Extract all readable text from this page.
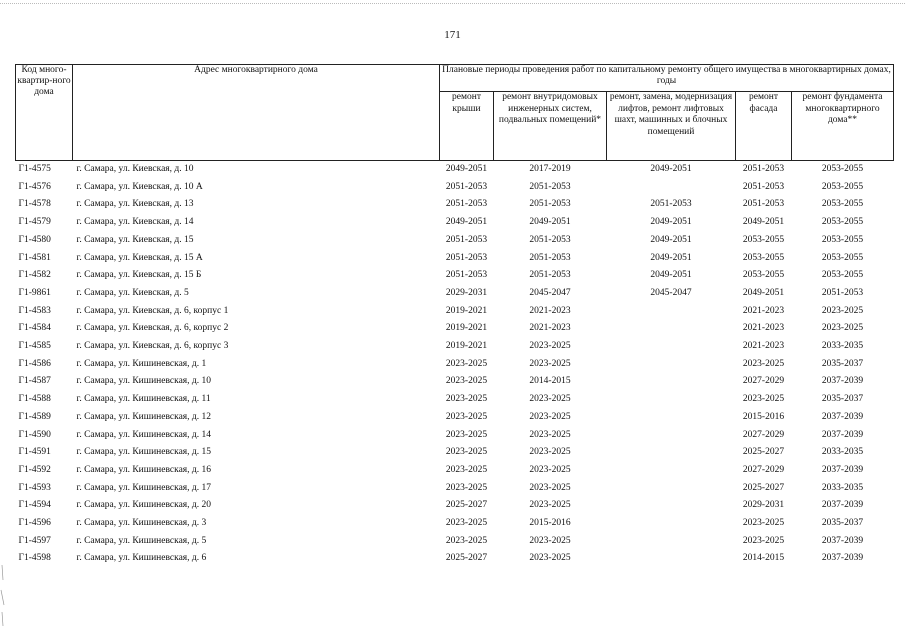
171
Код много-квартир-ного дома	Адрес многоквартирного дома	Плановые периоды проведения работ по капитальному ремонту общего имущества в многоквартирных домах, годы				
		ремонт крыши	ремонт внутридомовых инженерных систем, подвальных помещений*	ремонт, замена, модернизация лифтов, ремонт лифтовых шахт, машинных и блочных помещений	ремонт фасада	ремонт фундамента многоквартирного дома**
Г1-4575	г. Самара, ул. Киевская, д. 10	2049-2051	2017-2019	2049-2051	2051-2053	2053-2055
Г1-4576	г. Самара, ул. Киевская, д. 10 А	2051-2053	2051-2053		2051-2053	2053-2055
Г1-4578	г. Самара, ул. Киевская, д. 13	2051-2053	2051-2053	2051-2053	2051-2053	2053-2055
Г1-4579	г. Самара, ул. Киевская, д. 14	2049-2051	2049-2051	2049-2051	2049-2051	2053-2055
Г1-4580	г. Самара, ул. Киевская, д. 15	2051-2053	2051-2053	2049-2051	2053-2055	2053-2055
Г1-4581	г. Самара, ул. Киевская, д. 15 А	2051-2053	2051-2053	2049-2051	2053-2055	2053-2055
Г1-4582	г. Самара, ул. Киевская, д. 15 Б	2051-2053	2051-2053	2049-2051	2053-2055	2053-2055
Г1-9861	г. Самара, ул. Киевская, д. 5	2029-2031	2045-2047	2045-2047	2049-2051	2051-2053
Г1-4583	г. Самара, ул. Киевская, д. 6, корпус 1	2019-2021	2021-2023		2021-2023	2023-2025
Г1-4584	г. Самара, ул. Киевская, д. 6, корпус 2	2019-2021	2021-2023		2021-2023	2023-2025
Г1-4585	г. Самара, ул. Киевская, д. 6, корпус 3	2019-2021	2023-2025		2021-2023	2033-2035
Г1-4586	г. Самара, ул. Кишиневская, д. 1	2023-2025	2023-2025		2023-2025	2035-2037
Г1-4587	г. Самара, ул. Кишиневская, д. 10	2023-2025	2014-2015		2027-2029	2037-2039
Г1-4588	г. Самара, ул. Кишиневская, д. 11	2023-2025	2023-2025		2023-2025	2035-2037
Г1-4589	г. Самара, ул. Кишиневская, д. 12	2023-2025	2023-2025		2015-2016	2037-2039
Г1-4590	г. Самара, ул. Кишиневская, д. 14	2023-2025	2023-2025		2027-2029	2037-2039
Г1-4591	г. Самара, ул. Кишиневская, д. 15	2023-2025	2023-2025		2025-2027	2033-2035
Г1-4592	г. Самара, ул. Кишиневская, д. 16	2023-2025	2023-2025		2027-2029	2037-2039
Г1-4593	г. Самара, ул. Кишиневская, д. 17	2023-2025	2023-2025		2025-2027	2033-2035
Г1-4594	г. Самара, ул. Кишиневская, д. 20	2025-2027	2023-2025		2029-2031	2037-2039
Г1-4596	г. Самара, ул. Кишиневская, д. 3	2023-2025	2015-2016		2023-2025	2035-2037
Г1-4597	г. Самара, ул. Кишиневская, д. 5	2023-2025	2023-2025		2023-2025	2037-2039
Г1-4598	г. Самара, ул. Кишиневская, д. 6	2025-2027	2023-2025		2014-2015	2037-2039
